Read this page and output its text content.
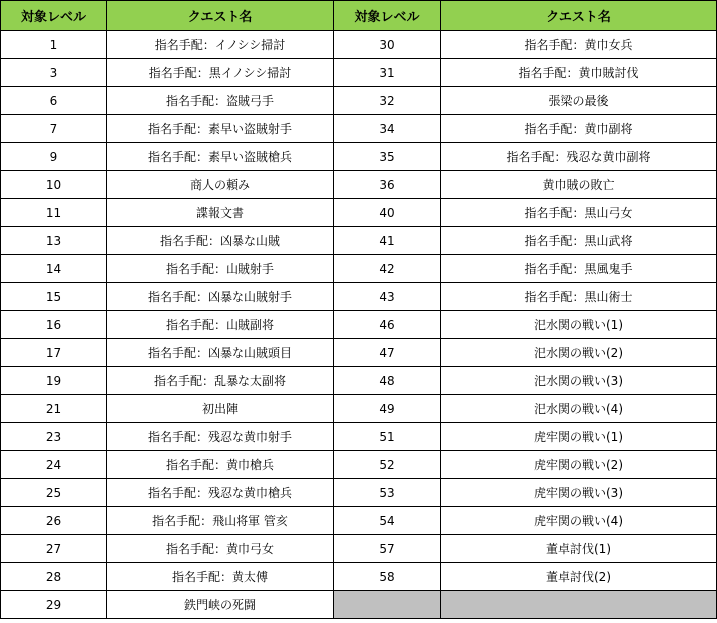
対象レベル	クエスト名	対象レベル	クエスト名
1	指名手配：イノシシ掃討	30	指名手配：黄巾女兵
3	指名手配：黒イノシシ掃討	31	指名手配：黄巾賊討伐
6	指名手配：盗賊弓手	32	張梁の最後
7	指名手配：素早い盗賊射手	34	指名手配：黄巾副将
9	指名手配：素早い盗賊槍兵	35	指名手配：残忍な黄巾副将
10	商人の頼み	36	黄巾賊の敗亡
11	諜報文書	40	指名手配：黒山弓女
13	指名手配：凶暴な山賊	41	指名手配：黒山武将
14	指名手配：山賊射手	42	指名手配：黒風鬼手
15	指名手配：凶暴な山賊射手	43	指名手配：黒山術士
16	指名手配：山賊副将	46	汜水関の戦い(1)
17	指名手配：凶暴な山賊頭目	47	汜水関の戦い(2)
19	指名手配：乱暴な太副将	48	汜水関の戦い(3)
21	初出陣	49	汜水関の戦い(4)
23	指名手配：残忍な黄巾射手	51	虎牢関の戦い(1)
24	指名手配：黄巾槍兵	52	虎牢関の戦い(2)
25	指名手配：残忍な黄巾槍兵	53	虎牢関の戦い(3)
26	指名手配：飛山将軍 管亥	54	虎牢関の戦い(4)
27	指名手配：黄巾弓女	57	董卓討伐(1)
28	指名手配：黄太傅	58	董卓討伐(2)
29	鉄門峡の死闘		
